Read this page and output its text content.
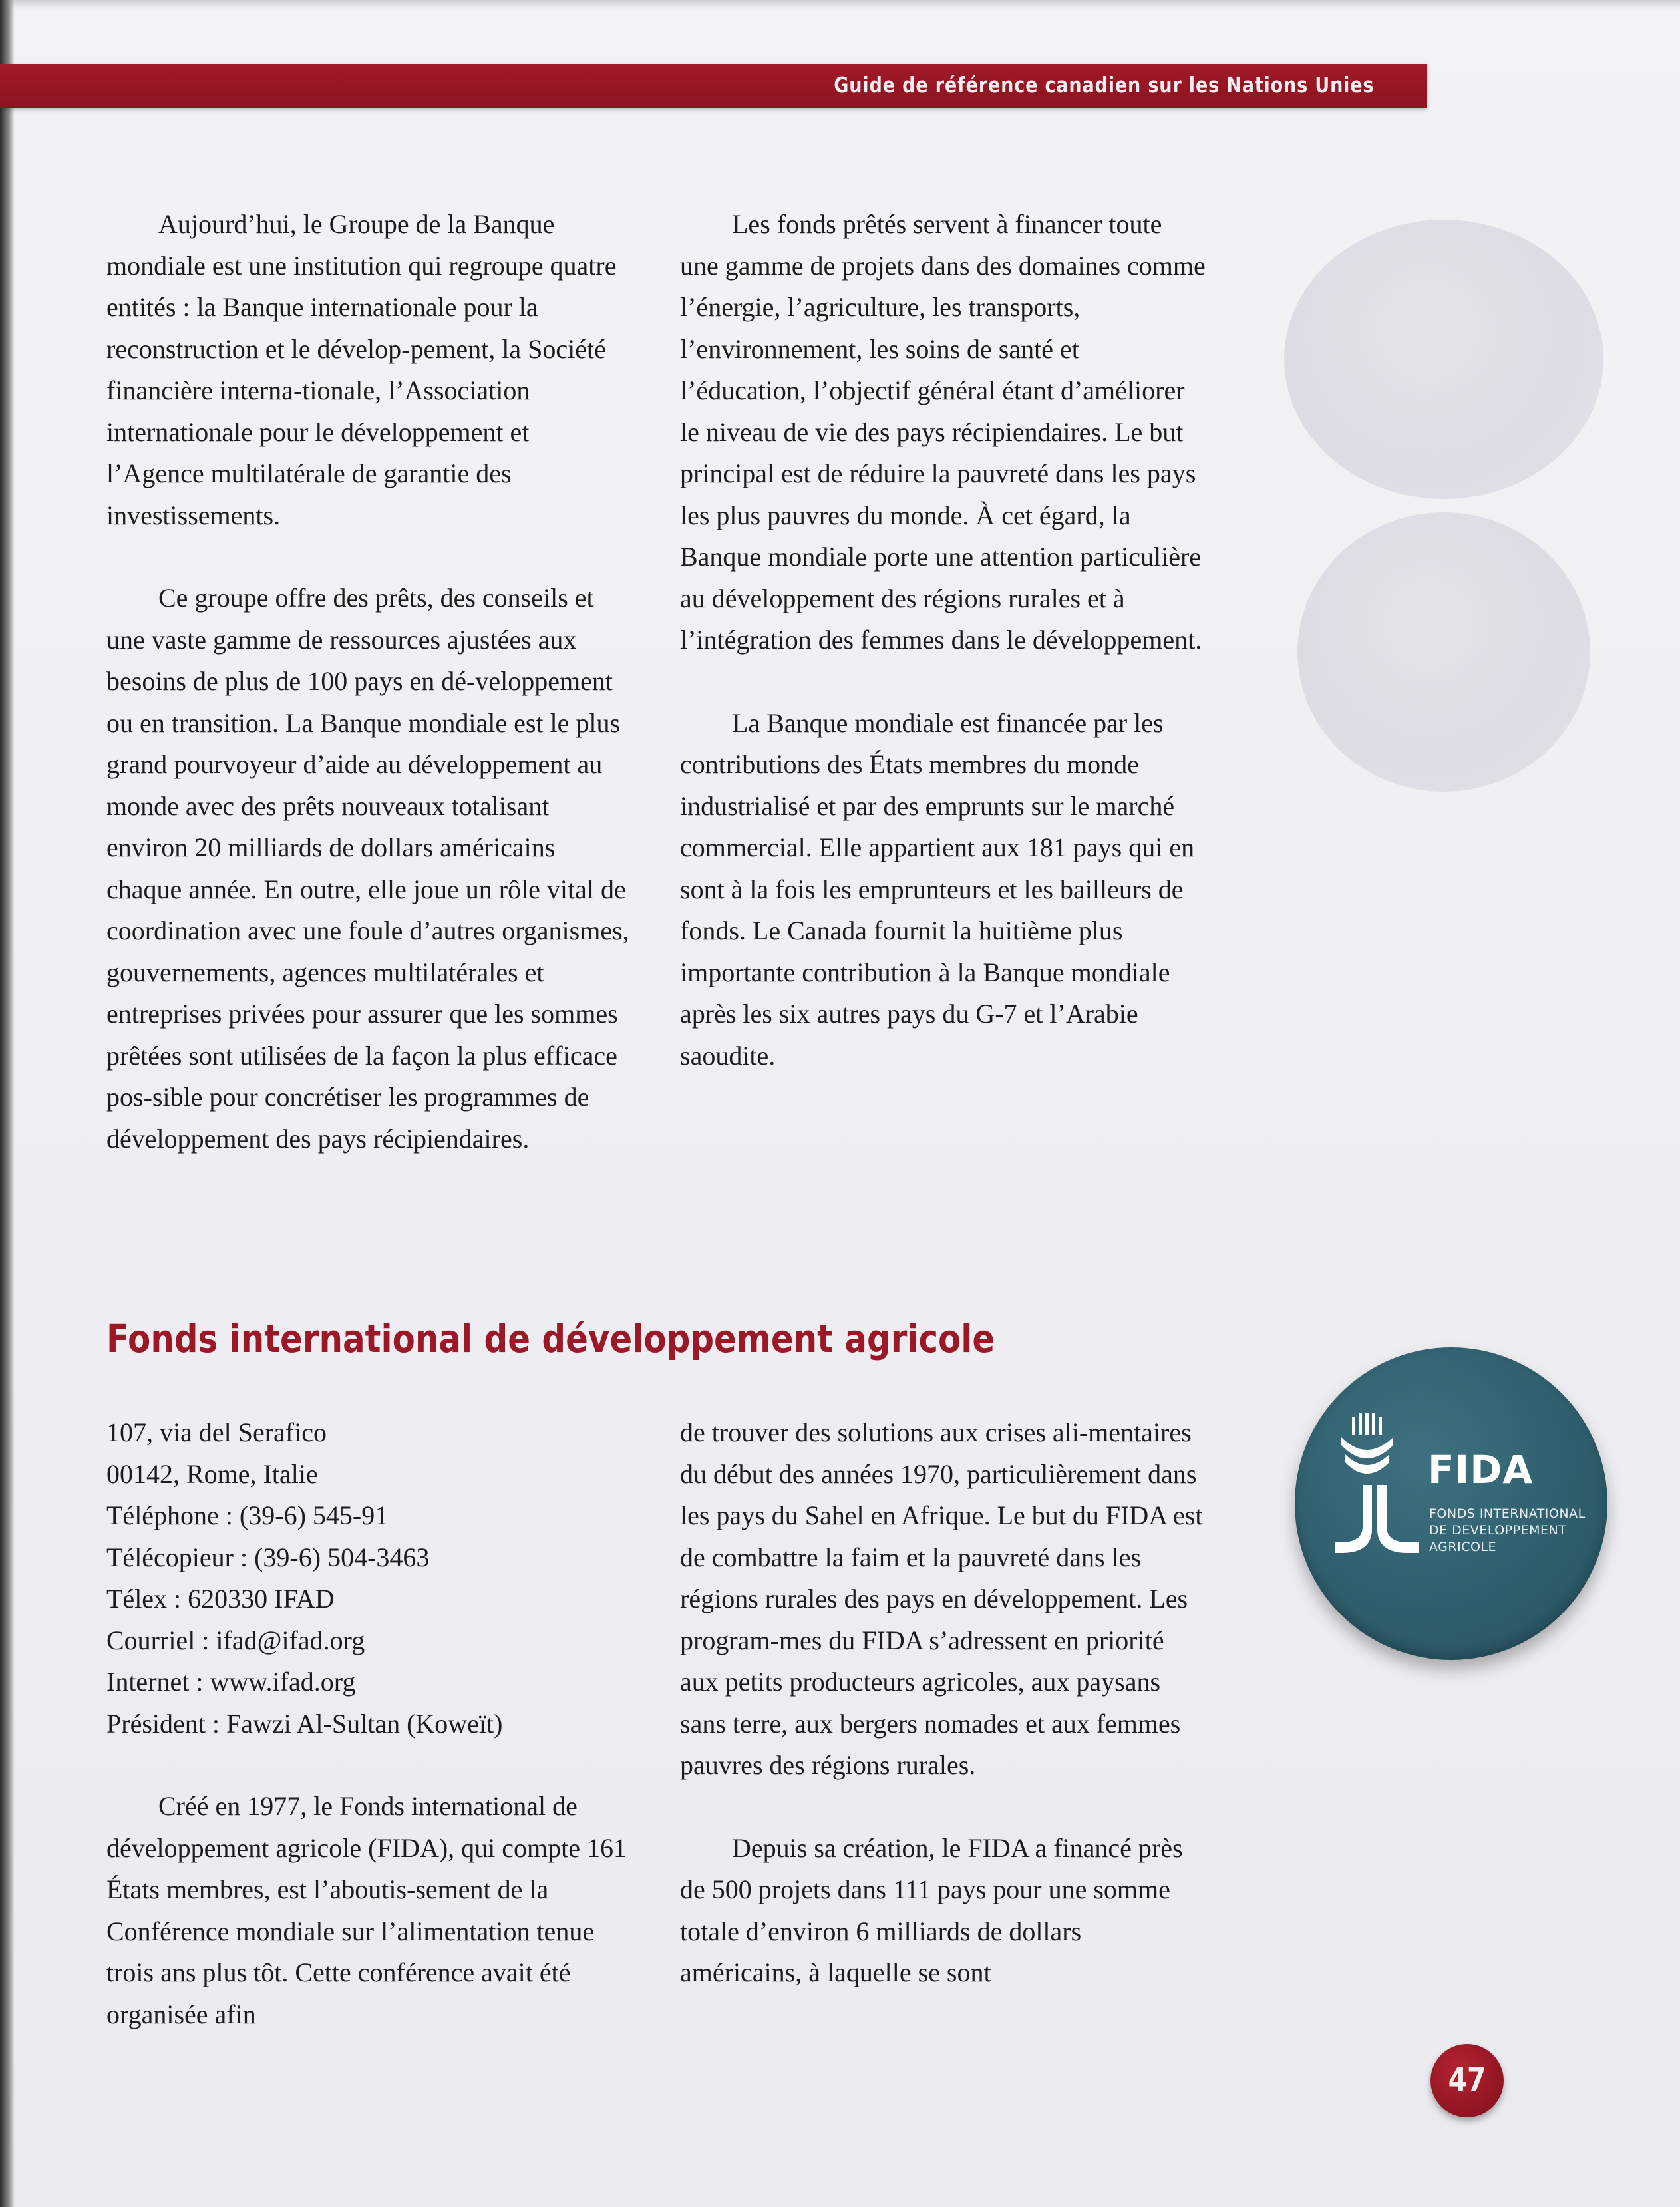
Guide de référence canadien sur les Nations Unies

Aujourd’hui, le Groupe de la Banque mondiale est une institution qui regroupe quatre entités : la Banque internationale pour la reconstruction et le dévelop-pement, la Société financière interna-tionale, l’Association internationale pour le développement et l’Agence multilatérale de garantie des investissements.

Ce groupe offre des prêts, des conseils et une vaste gamme de ressources ajustées aux besoins de plus de 100 pays en dé-veloppement ou en transition. La Banque mondiale est le plus grand pourvoyeur d’aide au développement au monde avec des prêts nouveaux totalisant environ 20 milliards de dollars américains chaque année. En outre, elle joue un rôle vital de coordination avec une foule d’autres organismes, gouvernements, agences multilatérales et entreprises privées pour assurer que les sommes prêtées sont utilisées de la façon la plus efficace pos-sible pour concrétiser les programmes de développement des pays récipiendaires.

Les fonds prêtés servent à financer toute une gamme de projets dans des domaines comme l’énergie, l’agriculture, les transports, l’environnement, les soins de santé et l’éducation, l’objectif général étant d’améliorer le niveau de vie des pays récipiendaires. Le but principal est de réduire la pauvreté dans les pays les plus pauvres du monde. À cet égard, la Banque mondiale porte une attention particulière au développement des régions rurales et à l’intégration des femmes dans le développement.

La Banque mondiale est financée par les contributions des États membres du monde industrialisé et par des emprunts sur le marché commercial. Elle appartient aux 181 pays qui en sont à la fois les emprunteurs et les bailleurs de fonds. Le Canada fournit la huitième plus importante contribution à la Banque mondiale après les six autres pays du G-7 et l’Arabie saoudite.

Fonds international de développement agricole
107, via del Serafico
00142, Rome, Italie
Téléphone : (39-6) 545-91
Télécopieur : (39-6) 504-3463
Télex : 620330 IFAD
Courriel : ifad@ifad.org
Internet : www.ifad.org
Président : Fawzi Al-Sultan (Koweït)

Créé en 1977, le Fonds international de développement agricole (FIDA), qui compte 161 États membres, est l’aboutis-sement de la Conférence mondiale sur l’alimentation tenue trois ans plus tôt. Cette conférence avait été organisée afin

de trouver des solutions aux crises ali-mentaires du début des années 1970, particulièrement dans les pays du Sahel en Afrique. Le but du FIDA est de combattre la faim et la pauvreté dans les régions rurales des pays en développement. Les program-mes du FIDA s’adressent en priorité aux petits producteurs agricoles, aux paysans sans terre, aux bergers nomades et aux femmes pauvres des régions rurales.

Depuis sa création, le FIDA a financé près de 500 projets dans 111 pays pour une somme totale d’environ 6 milliards de dollars américains, à laquelle se sont

FIDA
FONDS INTERNATIONAL
DE DEVELOPPEMENT
AGRICOLE
47
